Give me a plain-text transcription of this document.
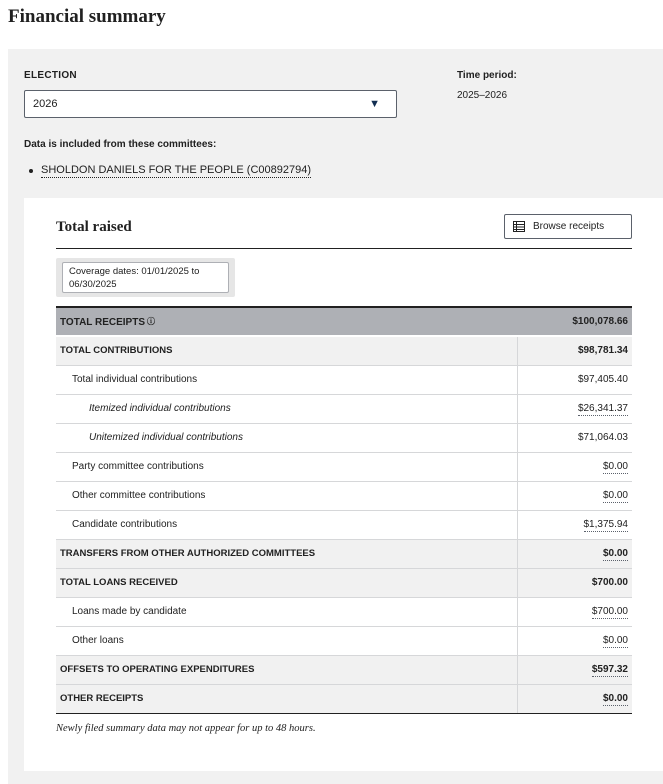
Financial summary
ELECTION
2026	▼
Time period:
2025–2026
Data is included from these committees:
SHOLDON DANIELS FOR THE PEOPLE (C00892794)
Total raised	Browse receipts
Coverage dates: 01/01/2025 to 06/30/2025
TOTAL RECEIPTS ⓘ	$100,078.66
TOTAL CONTRIBUTIONS	$98,781.34
Total individual contributions	$97,405.40
Itemized individual contributions	$26,341.37
Unitemized individual contributions	$71,064.03
Party committee contributions	$0.00
Other committee contributions	$0.00
Candidate contributions	$1,375.94
TRANSFERS FROM OTHER AUTHORIZED COMMITTEES	$0.00
TOTAL LOANS RECEIVED	$700.00
Loans made by candidate	$700.00
Other loans	$0.00
OFFSETS TO OPERATING EXPENDITURES	$597.32
OTHER RECEIPTS	$0.00

Newly filed summary data may not appear for up to 48 hours.
